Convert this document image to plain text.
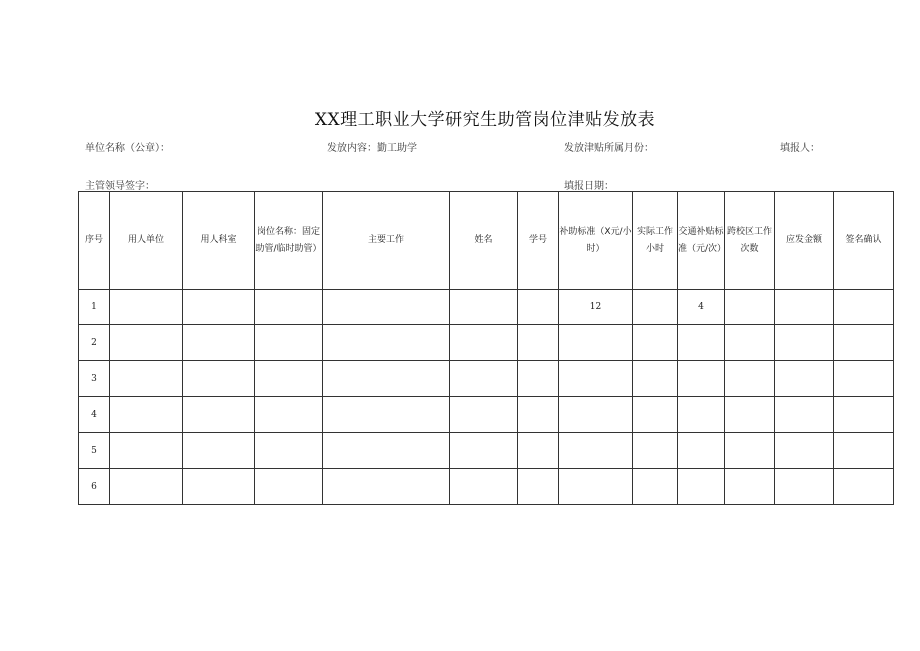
XX理工职业大学研究生助管岗位津贴发放表
单位名称（公章）：	发放内容：勤工助学	发放津贴所属月份：	填报人：
主管领导签字：	填报日期：
序号	用人单位	用人科室	岗位名称：固定助管/临时助管）	主要工作	姓名	学号	补助标准（X元/小时）	实际工作小时	交通补贴标准（元/次）	跨校区工作次数	应发金额	签名确认
1							12		4			
2												
3												
4												
5												
6												
